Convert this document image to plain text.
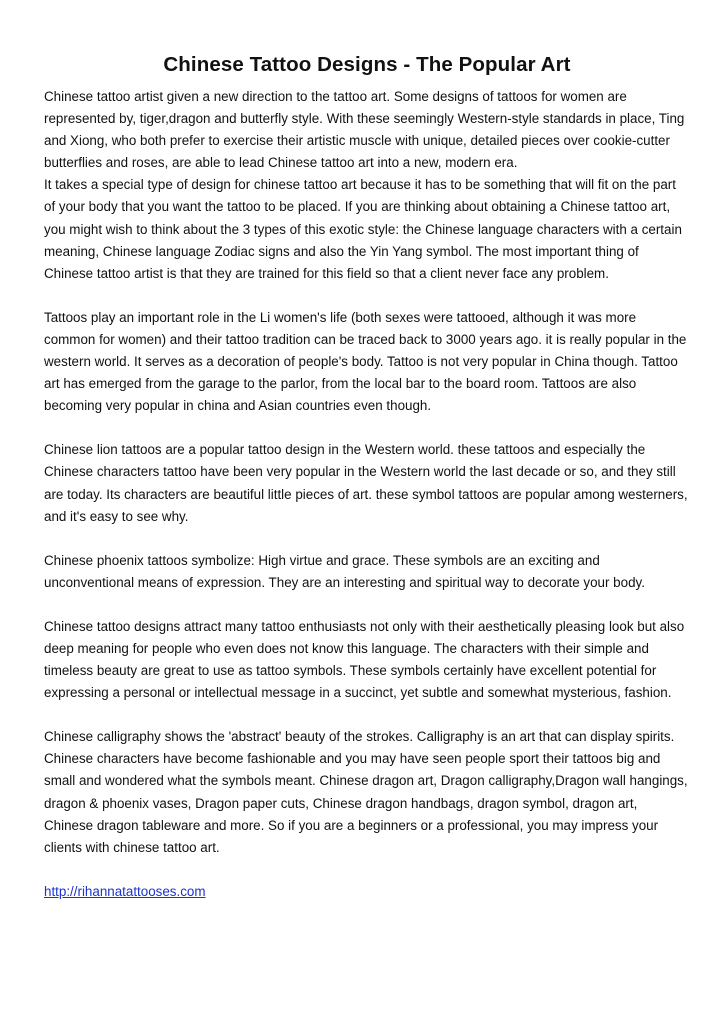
Chinese Tattoo Designs - The Popular Art

Chinese tattoo artist given a new direction to the tattoo art. Some designs of tattoos for women are represented by, tiger,dragon and butterfly style. With these seemingly Western-style standards in place, Ting and Xiong, who both prefer to exercise their artistic muscle with unique, detailed pieces over cookie-cutter butterflies and roses, are able to lead Chinese tattoo art into a new, modern era.

It takes a special type of design for chinese tattoo art because it has to be something that will fit on the part of your body that you want the tattoo to be placed. If you are thinking about obtaining a Chinese tattoo art, you might wish to think about the 3 types of this exotic style: the Chinese language characters with a certain meaning, Chinese language Zodiac signs and also the Yin Yang symbol. The most important thing of Chinese tattoo artist is that they are trained for this field so that a client never face any problem.

Tattoos play an important role in the Li women's life (both sexes were tattooed, although it was more common for women) and their tattoo tradition can be traced back to 3000 years ago. it is really popular in the western world. It serves as a decoration of people's body. Tattoo is not very popular in China though. Tattoo art has emerged from the garage to the parlor, from the local bar to the board room. Tattoos are also becoming very popular in china and Asian countries even though.

Chinese lion tattoos are a popular tattoo design in the Western world. these tattoos and especially the Chinese characters tattoo have been very popular in the Western world the last decade or so, and they still are today. Its characters are beautiful little pieces of art. these symbol tattoos are popular among westerners, and it's easy to see why.

Chinese phoenix tattoos symbolize: High virtue and grace. These symbols are an exciting and unconventional means of expression. They are an interesting and spiritual way to decorate your body.

Chinese tattoo designs attract many tattoo enthusiasts not only with their aesthetically pleasing look but also deep meaning for people who even does not know this language. The characters with their simple and timeless beauty are great to use as tattoo symbols. These symbols certainly have excellent potential for expressing a personal or intellectual message in a succinct, yet subtle and somewhat mysterious, fashion.

Chinese calligraphy shows the 'abstract' beauty of the strokes. Calligraphy is an art that can display spirits. Chinese characters have become fashionable and you may have seen people sport their tattoos big and small and wondered what the symbols meant. Chinese dragon art, Dragon calligraphy,Dragon wall hangings, dragon & phoenix vases, Dragon paper cuts, Chinese dragon handbags, dragon symbol, dragon art, Chinese dragon tableware and more. So if you are a beginners or a professional, you may impress your clients with chinese tattoo art.

http://rihannatattooses.com
